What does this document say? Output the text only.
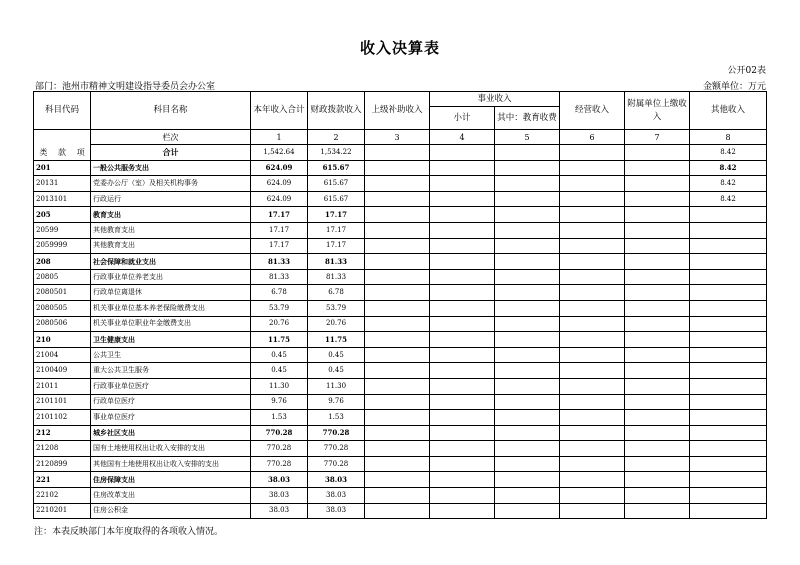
收入决算表
公开02表
部门：池州市精神文明建设指导委员会办公室	金额单位：万元
科目代码	科目名称	本年收入合计	财政拨款收入	上级补助收入	事业收入		经营收入	附属单位上缴收入	其他收入
					小计	其中：教育收费			

类 款 项	栏次	1	2	3	4	5	6	7	8
	合计	1,542.64	1,534.22						8.42
201	一般公共服务支出	624.09	615.67						8.42
20131	党委办公厅（室）及相关机构事务	624.09	615.67						8.42
2013101	行政运行	624.09	615.67						8.42
205	教育支出	17.17	17.17						
20599	其他教育支出	17.17	17.17						
2059999	其他教育支出	17.17	17.17						
208	社会保障和就业支出	81.33	81.33						
20805	行政事业单位养老支出	81.33	81.33						
2080501	行政单位离退休	6.78	6.78						
2080505	机关事业单位基本养老保险缴费支出	53.79	53.79						
2080506	机关事业单位职业年金缴费支出	20.76	20.76						
210	卫生健康支出	11.75	11.75						
21004	公共卫生	0.45	0.45						
2100409	重大公共卫生服务	0.45	0.45						
21011	行政事业单位医疗	11.30	11.30						
2101101	行政单位医疗	9.76	9.76						
2101102	事业单位医疗	1.53	1.53						
212	城乡社区支出	770.28	770.28						
21208	国有土地使用权出让收入安排的支出	770.28	770.28						
2120899	其他国有土地使用权出让收入安排的支出	770.28	770.28						
221	住房保障支出	38.03	38.03						
22102	住房改革支出	38.03	38.03						
2210201	住房公积金	38.03	38.03						
注：本表反映部门本年度取得的各项收入情况。
